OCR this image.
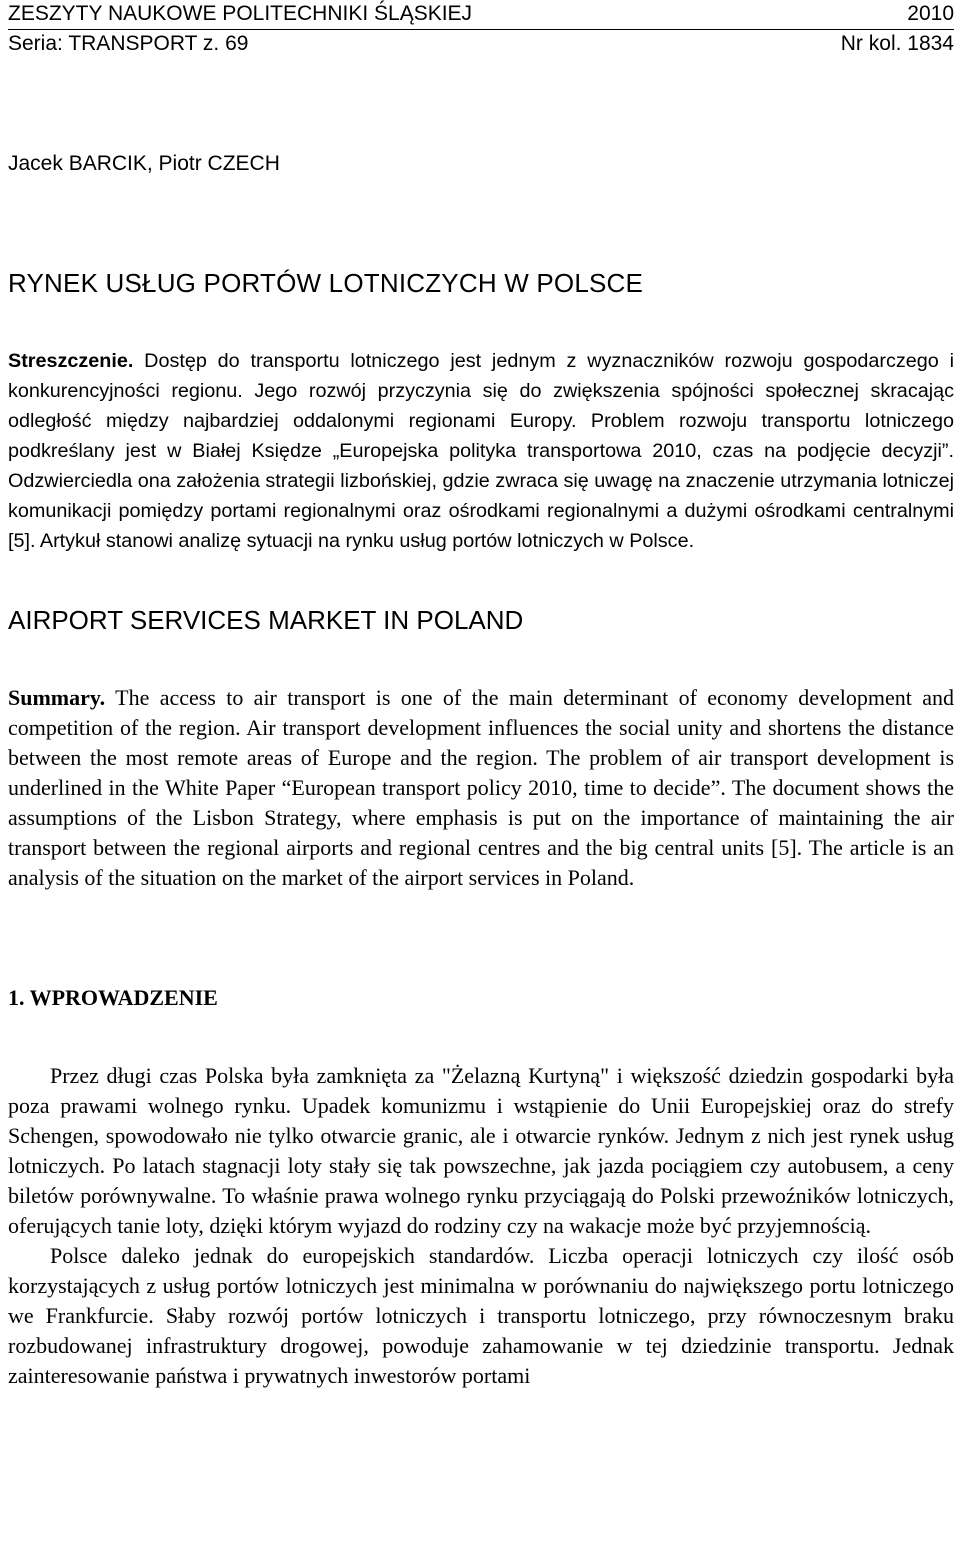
ZESZYTY NAUKOWE POLITECHNIKI ŚLĄSKIEJ	2010
Seria: TRANSPORT z. 69	Nr kol. 1834
Jacek BARCIK, Piotr CZECH
RYNEK USŁUG PORTÓW LOTNICZYCH W POLSCE
Streszczenie. Dostęp do transportu lotniczego jest jednym z wyznaczników rozwoju gospodarczego i konkurencyjności regionu. Jego rozwój przyczynia się do zwiększenia spójności społecznej skracając odległość między najbardziej oddalonymi regionami Europy. Problem rozwoju transportu lotniczego podkreślany jest w Białej Księdze „Europejska polityka transportowa 2010, czas na podjęcie decyzji”. Odzwierciedla ona założenia strategii lizbońskiej, gdzie zwraca się uwagę na znaczenie utrzymania lotniczej komunikacji pomiędzy portami regionalnymi oraz ośrodkami regionalnymi a dużymi ośrodkami centralnymi [5]. Artykuł stanowi analizę sytuacji na rynku usług portów lotniczych w Polsce.
AIRPORT SERVICES MARKET IN POLAND
Summary. The access to air transport is one of the main determinant of economy development and competition of the region. Air transport development influences the social unity and shortens the distance between the most remote areas of Europe and the region. The problem of air transport development is underlined in the White Paper “European transport policy 2010, time to decide”. The document shows the assumptions of the Lisbon Strategy, where emphasis is put on the importance of maintaining the air transport between the regional airports and regional centres and the big central units [5]. The article is an analysis of the situation on the market of the airport services in Poland.
1. WPROWADZENIE

Przez długi czas Polska była zamknięta za "Żelazną Kurtyną" i większość dziedzin gospodarki była poza prawami wolnego rynku. Upadek komunizmu i wstąpienie do Unii Europejskiej oraz do strefy Schengen, spowodowało nie tylko otwarcie granic, ale i otwarcie rynków. Jednym z nich jest rynek usług lotniczych. Po latach stagnacji loty stały się tak powszechne, jak jazda pociągiem czy autobusem, a ceny biletów porównywalne. To właśnie prawa wolnego rynku przyciągają do Polski przewoźników lotniczych, oferujących tanie loty, dzięki którym wyjazd do rodziny czy na wakacje może być przyjemnością.

Polsce daleko jednak do europejskich standardów. Liczba operacji lotniczych czy ilość osób korzystających z usług portów lotniczych jest minimalna w porównaniu do największego portu lotniczego we Frankfurcie. Słaby rozwój portów lotniczych i transportu lotniczego, przy równoczesnym braku rozbudowanej infrastruktury drogowej, powoduje zahamowanie w tej dziedzinie transportu. Jednak zainteresowanie państwa i prywatnych inwestorów portami
